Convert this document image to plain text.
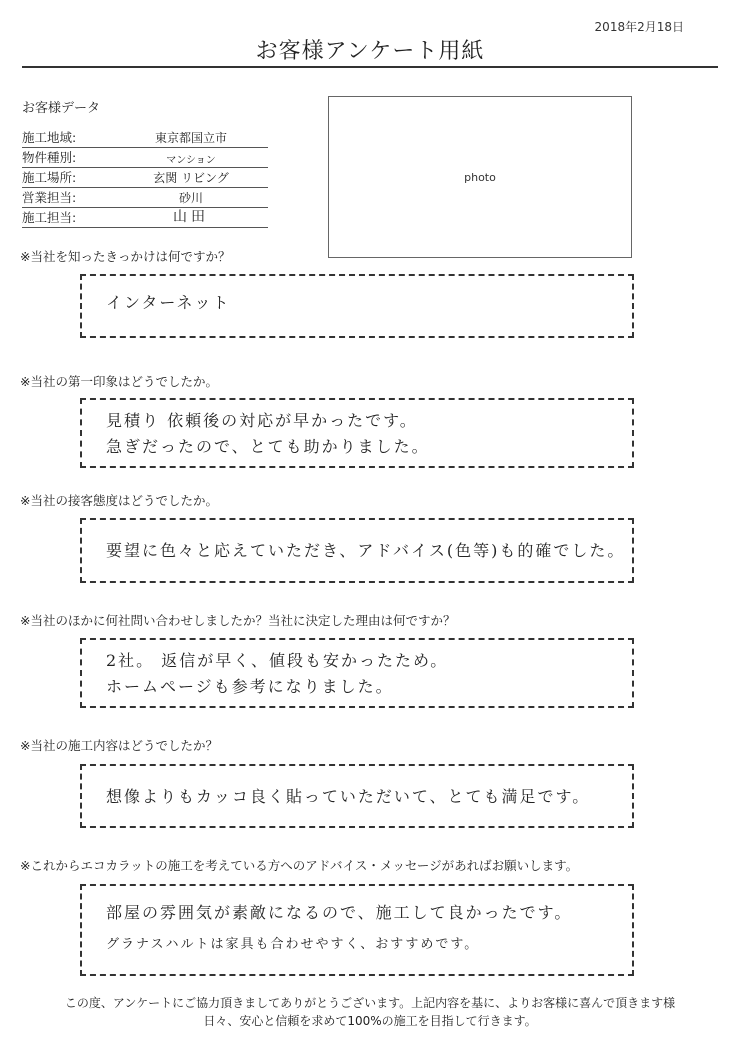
2018年2月18日
お客様アンケート用紙
お客様データ
施工地域:	東京都国立市
物件種別:	マンション
施工場所:	玄関 リビング
営業担当:	砂川
施工担当:	山田
photo
※当社を知ったきっかけは何ですか？
インターネット
※当社の第一印象はどうでしたか。
見積り 依頼後の対応が早かったです。
急ぎだったので、とても助かりました。
※当社の接客態度はどうでしたか。
要望に色々と応えていただき、アドバイス(色等)も的確でした。
※当社のほかに何社問い合わせしましたか？当社に決定した理由は何ですか？
2社。 返信が早く、値段も安かったため。
ホームページも参考になりました。
※当社の施工内容はどうでしたか？
想像よりもカッコ良く貼っていただいて、とても満足です。
※これからエコカラットの施工を考えている方へのアドバイス・メッセージがあればお願いします。
部屋の雰囲気が素敵になるので、施工して良かったです。
グラナスハルトは家具も合わせやすく、おすすめです。
この度、アンケートにご協力頂きましてありがとうございます。上記内容を基に、よりお客様に喜んで頂きます様
日々、安心と信頼を求めて100%の施工を目指して行きます。
